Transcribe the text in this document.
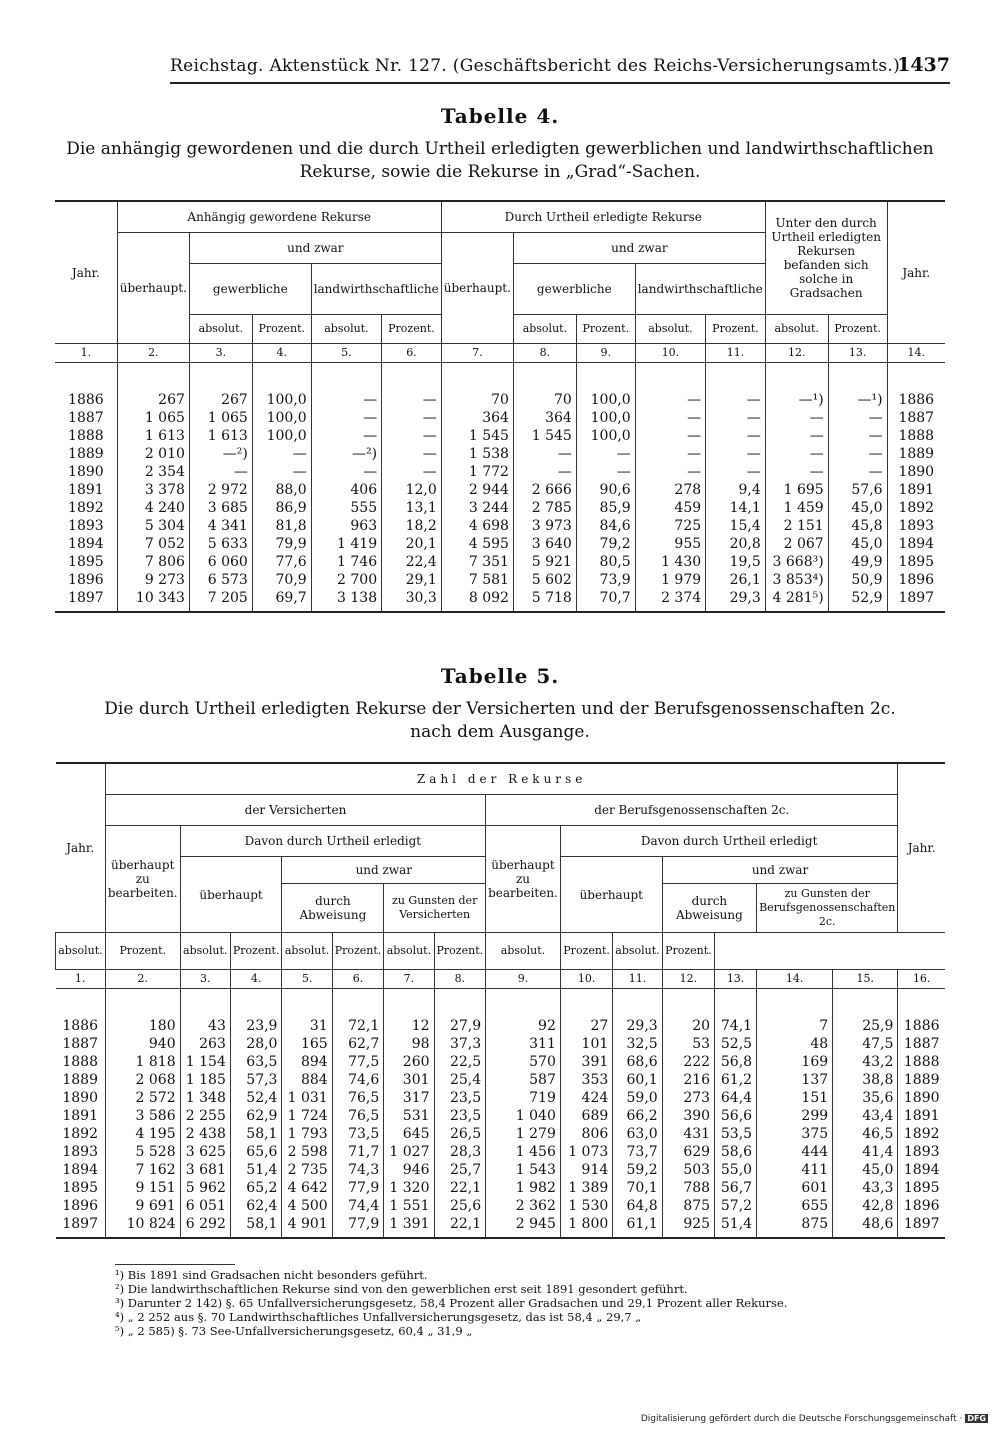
Reichstag. Aktenstück Nr. 127. (Geschäftsbericht des Reichs-Versicherungsamts.)
1437
Tabelle 4.
Die anhängig gewordenen und die durch Urtheil erledigten gewerblichen und landwirthschaftlichen
Rekurse, sowie die Rekurse in „Grad“-Sachen.
Jahr.	Anhängig gewordene Rekurse					Durch Urtheil erledigte Rekurse					Unter den durch Urtheil erledigten Rekursen befanden sich solche in Gradsachen		Jahr.
	überhaupt.	und zwar				überhaupt.	und zwar						
		gewerbliche		landwirthschaftliche			gewerbliche		landwirthschaftliche				
		absolut.	Prozent.	absolut.	Prozent.		absolut.	Prozent.	absolut.	Prozent.	absolut.	Prozent.	
1.	2.	3.	4.	5.	6.	7.	8.	9.	10.	11.	12.	13.	14.
1886	267	267	100,0	—	—	70	70	100,0	—	—	—¹)	—¹)	1886
1887	1 065	1 065	100,0	—	—	364	364	100,0	—	—	—	—	1887
1888	1 613	1 613	100,0	—	—	1 545	1 545	100,0	—	—	—	—	1888
1889	2 010	—²)	—	—²)	—	1 538	—	—	—	—	—	—	1889
1890	2 354	—	—	—	—	1 772	—	—	—	—	—	—	1890
1891	3 378	2 972	88,0	406	12,0	2 944	2 666	90,6	278	9,4	1 695	57,6	1891
1892	4 240	3 685	86,9	555	13,1	3 244	2 785	85,9	459	14,1	1 459	45,0	1892
1893	5 304	4 341	81,8	963	18,2	4 698	3 973	84,6	725	15,4	2 151	45,8	1893
1894	7 052	5 633	79,9	1 419	20,1	4 595	3 640	79,2	955	20,8	2 067	45,0	1894
1895	7 806	6 060	77,6	1 746	22,4	7 351	5 921	80,5	1 430	19,5	3 668³)	49,9	1895
1896	9 273	6 573	70,9	2 700	29,1	7 581	5 602	73,9	1 979	26,1	3 853⁴)	50,9	1896
1897	10 343	7 205	69,7	3 138	30,3	8 092	5 718	70,7	2 374	29,3	4 281⁵)	52,9	1897
Tabelle 5.
Die durch Urtheil erledigten Rekurse der Versicherten und der Berufsgenossenschaften 2c.
nach dem Ausgange.
Jahr.	Zahl der Rekurse														Jahr.
	der Versicherten							der Berufsgenossenschaften 2c.							
	überhaupt zu bearbeiten.	Davon durch Urtheil erledigt						überhaupt zu bearbeiten.	Davon durch Urtheil erledigt						
		überhaupt		und zwar					überhaupt		und zwar				
				durch Abweisung		zu Gunsten der Versicherten					durch Abweisung		zu Gunsten der Berufsgenossenschaften 2c.		
absolut.	Prozent.	absolut.	Prozent.	absolut.	Prozent.	absolut.	Prozent.	absolut.	Prozent.	absolut.	Prozent.				
1.	2.	3.	4.	5.	6.	7.	8.	9.	10.	11.	12.	13.	14.	15.	16.
1886	180	43	23,9	31	72,1	12	27,9	92	27	29,3	20	74,1	7	25,9	1886
1887	940	263	28,0	165	62,7	98	37,3	311	101	32,5	53	52,5	48	47,5	1887
1888	1 818	1 154	63,5	894	77,5	260	22,5	570	391	68,6	222	56,8	169	43,2	1888
1889	2 068	1 185	57,3	884	74,6	301	25,4	587	353	60,1	216	61,2	137	38,8	1889
1890	2 572	1 348	52,4	1 031	76,5	317	23,5	719	424	59,0	273	64,4	151	35,6	1890
1891	3 586	2 255	62,9	1 724	76,5	531	23,5	1 040	689	66,2	390	56,6	299	43,4	1891
1892	4 195	2 438	58,1	1 793	73,5	645	26,5	1 279	806	63,0	431	53,5	375	46,5	1892
1893	5 528	3 625	65,6	2 598	71,7	1 027	28,3	1 456	1 073	73,7	629	58,6	444	41,4	1893
1894	7 162	3 681	51,4	2 735	74,3	946	25,7	1 543	914	59,2	503	55,0	411	45,0	1894
1895	9 151	5 962	65,2	4 642	77,9	1 320	22,1	1 982	1 389	70,1	788	56,7	601	43,3	1895
1896	9 691	6 051	62,4	4 500	74,4	1 551	25,6	2 362	1 530	64,8	875	57,2	655	42,8	1896
1897	10 824	6 292	58,1	4 901	77,9	1 391	22,1	2 945	1 800	61,1	925	51,4	875	48,6	1897
¹) Bis 1891 sind Gradsachen nicht besonders geführt.
²) Die landwirthschaftlichen Rekurse sind von den gewerblichen erst seit 1891 gesondert geführt.
³) Darunter 2 142) §. 65 Unfallversicherungsgesetz, 58,4 Prozent aller Gradsachen und 29,1 Prozent aller Rekurse.
⁴) „ 2 252 aus §. 70 Landwirthschaftliches Unfallversicherungsgesetz, das ist 58,4 „ 29,7 „
⁵) „ 2 585) §. 73 See-Unfallversicherungsgesetz, 60,4 „ 31,9 „
Digitalisierung gefördert durch die Deutsche Forschungsgemeinschaft · DFG
